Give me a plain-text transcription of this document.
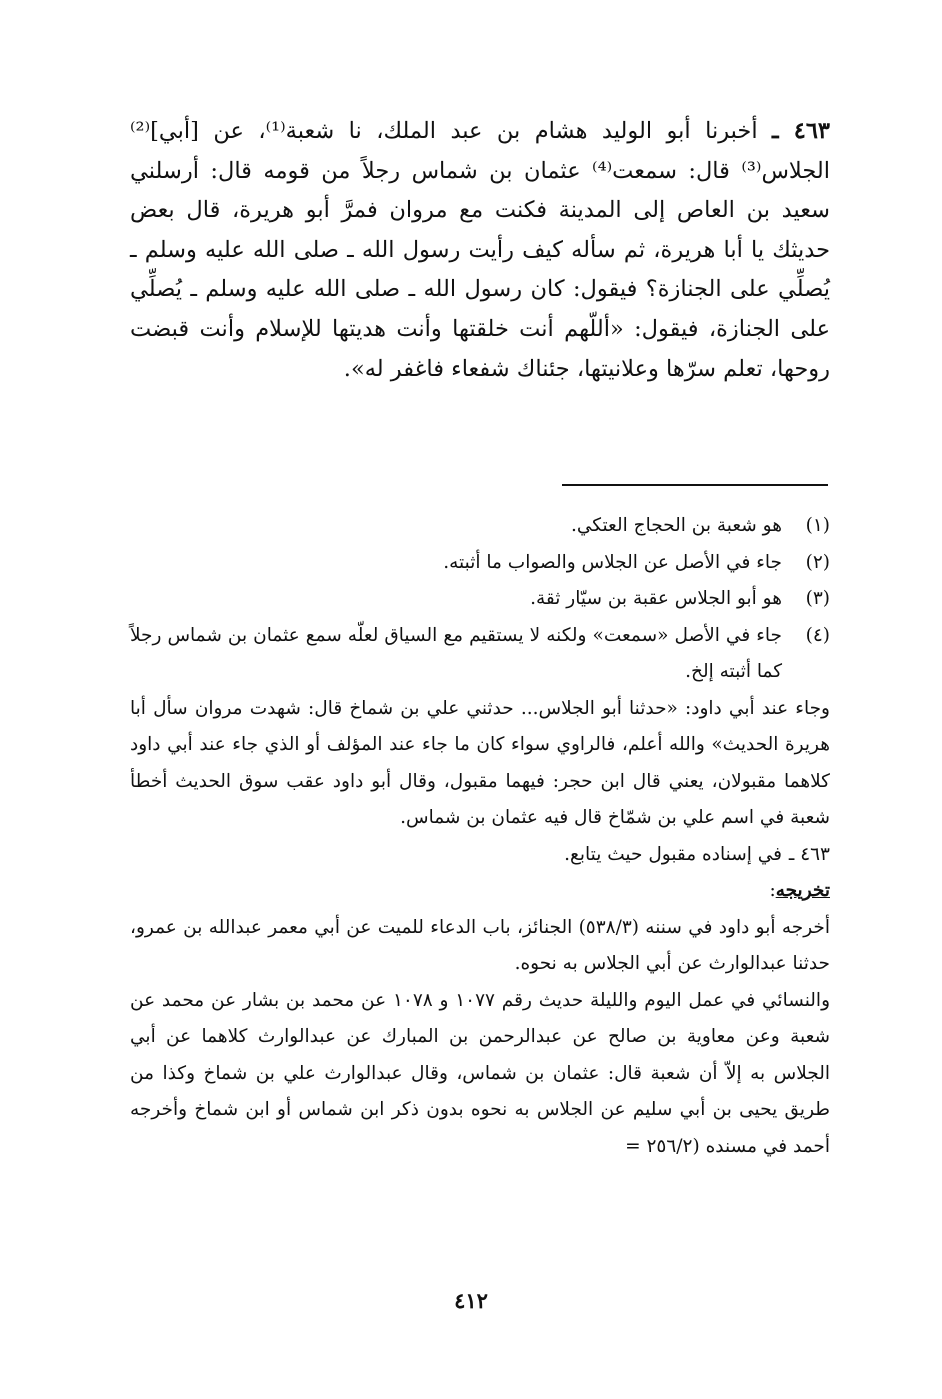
٤٦٣ ـ أخبرنا أبو الوليد هشام بن عبد الملك، نا شعبة⁽¹⁾، عن [أبي]⁽²⁾ الجلاس⁽³⁾ قال: سمعت⁽⁴⁾ عثمان بن شماس رجلاً من قومه قال: أرسلني سعيد بن العاص إلى المدينة فكنت مع مروان فمرَّ أبو هريرة، قال بعض حديثك يا أبا هريرة، ثم سأله كيف رأيت رسول الله ـ صلى الله عليه وسلم ـ يُصلِّي على الجنازة؟ فيقول: كان رسول الله ـ صلى الله عليه وسلم ـ يُصلِّي على الجنازة، فيقول: «أللّهم أنت خلقتها وأنت هديتها للإسلام وأنت قبضت روحها، تعلم سرّها وعلانيتها، جئناك شفعاء فاغفر له».

(١)
هو شعبة بن الحجاج العتكي.
(٢)
جاء في الأصل عن الجلاس والصواب ما أثبته.
(٣)
هو أبو الجلاس عقبة بن سيّار ثقة.
(٤)
جاء في الأصل «سمعت» ولكنه لا يستقيم مع السياق لعلّه سمع عثمان بن شماس رجلاً كما أثبته إلخ.
وجاء عند أبي داود: «حدثنا أبو الجلاس... حدثني علي بن شماخ قال: شهدت مروان سأل أبا هريرة الحديث» والله أعلم، فالراوي سواء كان ما جاء عند المؤلف أو الذي جاء عند أبي داود كلاهما مقبولان، يعني قال ابن حجر: فيهما مقبول، وقال أبو داود عقب سوق الحديث أخطأ شعبة في اسم علي بن شمّاخ قال فيه عثمان بن شماس.
٤٦٣ ـ
في إسناده مقبول حيث يتابع.
تخريجه:
أخرجه أبو داود في سننه (٥٣٨/٣) الجنائز، باب الدعاء للميت عن أبي معمر عبدالله بن عمرو، حدثنا عبدالوارث عن أبي الجلاس به نحوه.
والنسائي في عمل اليوم والليلة حديث رقم ١٠٧٧ و ١٠٧٨ عن محمد بن بشار عن محمد عن شعبة وعن معاوية بن صالح عن عبدالرحمن بن المبارك عن عبدالوارث كلاهما عن أبي الجلاس به إلاّ أن شعبة قال: عثمان بن شماس، وقال عبدالوارث علي بن شماخ وكذا من طريق يحيى بن أبي سليم عن الجلاس به نحوه بدون ذكر ابن شماس أو ابن شماخ وأخرجه أحمد في مسنده (٢٥٦/٢ =
٤١٢
